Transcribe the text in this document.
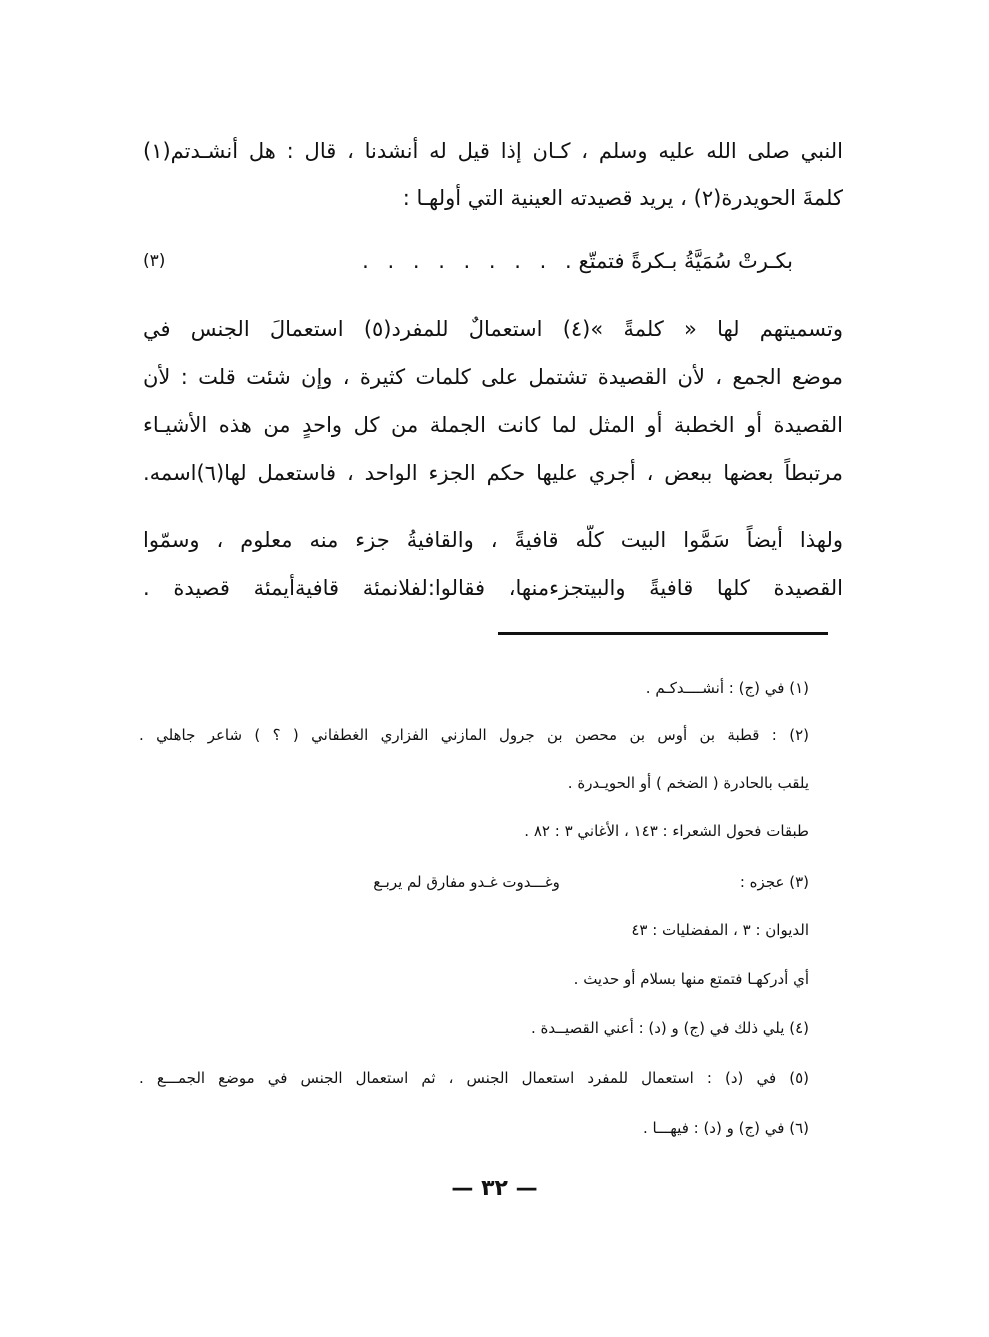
النبي صلى الله عليه وسلم ، كـان إذا قيل له أنشدنا ، قال : هل أنشـدتم(١)
كلمةَ الحويدرة(٢) ، يريد قصيدته العينية التي أولهـا :
بكـرتْ سُمَيَّةُ بـكرةً فتمتّع
. . . . . . . . . .
(٣)
وتسميتهم لها « كلمةً »(٤) استعمالٌ للمفرد(٥) استعمالَ الجنس في
موضع الجمع ، لأن القصيدة تشتمل على كلمات كثيرة ، وإن شئت قلت : لأن
القصيدة أو الخطبة أو المثل لما كانت الجملة من كل واحدٍ من هذه الأشيـاء
مرتبطاً بعضها ببعض ، أجري عليها حكم الجزء الواحد ، فاستعمل لها(٦)اسمه.
ولهذا أيضاً سَمَّوا البيت كلّه قافيةً ، والقافيةُ جزء منه معلوم ، وسمّوا
القصيدة كلها قافيةً والبيتجزءمنها، فقالوا:لفلانمئة قافيةأيمئة قصيدة .
(١) في (ج) : أنشــــدكـم .
(٢) : قطبة بن أوس بن محصن بن جرول المازني الفزاري الغطفاني ( ؟ ) شاعر جاهلي .
يلقب بالحادرة ( الضخم ) أو الحويـدرة .
طبقات فحول الشعراء : ١٤٣ ، الأغاني ٣ : ٨٢ .
(٣) عجزه :وغـــدوت غـدو مفارق لم يربـع
الديوان : ٣ ، المفضليات : ٤٣
أي أدركهـا فتمتع منها بسلام أو حديث .
(٤) يلي ذلك في (ج) و (د) : أعني القصيــدة .
(٥) في (د) : استعمال للمفرد استعمال الجنس ، ثم استعمال الجنس في موضع الجمـــع .
(٦) في (ج) و (د) : فيهـــا .
— ٣٢ —
